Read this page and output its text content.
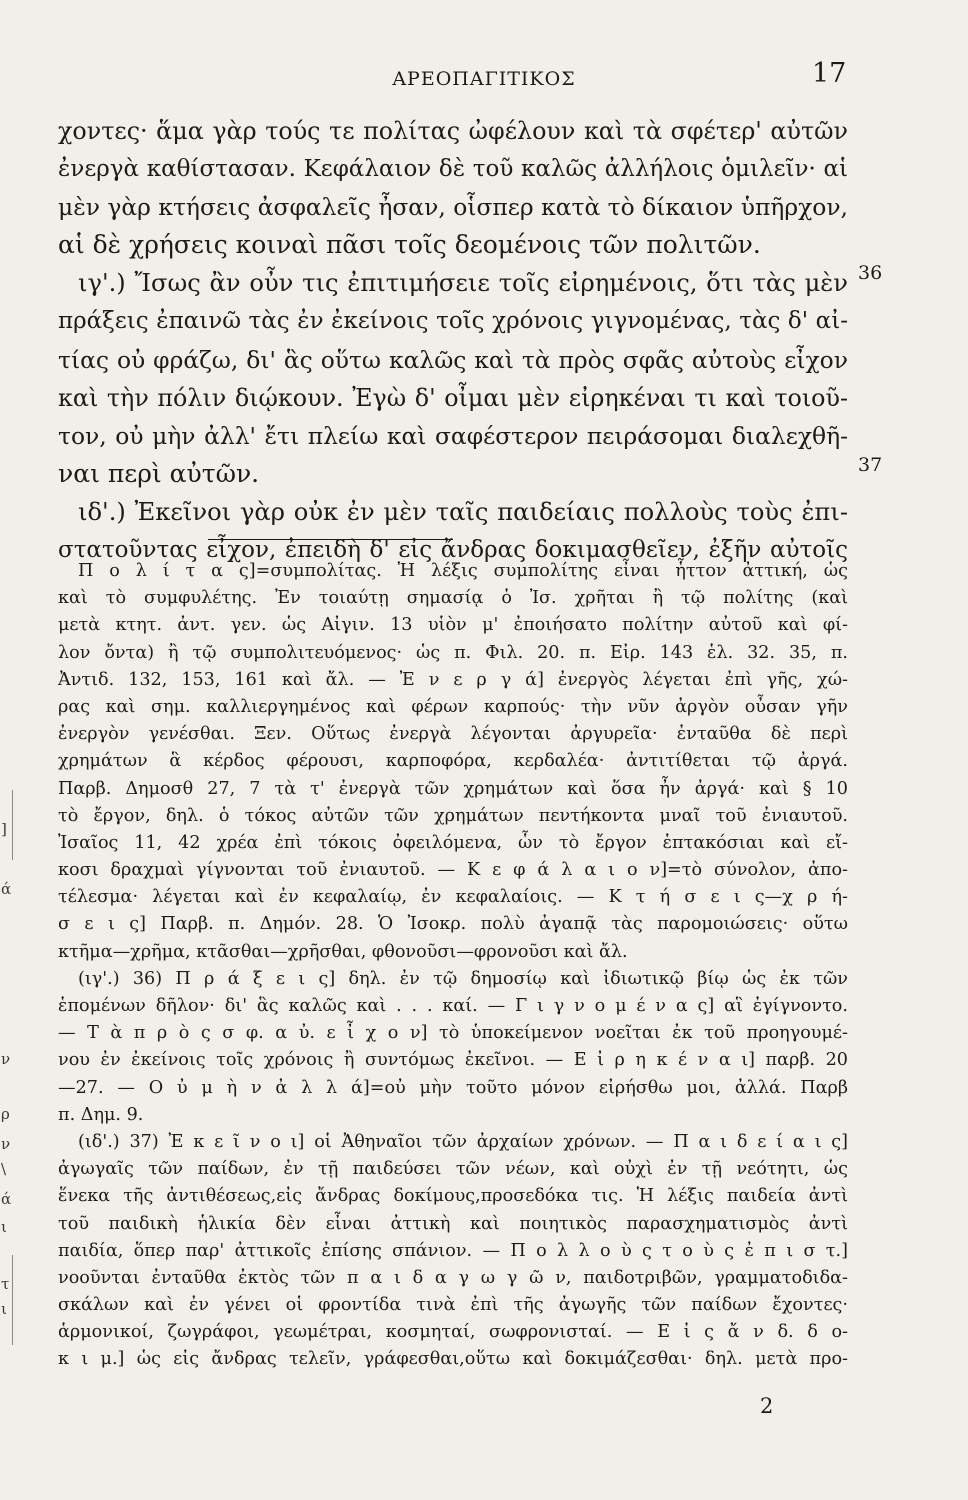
ΑΡΕΟΠΑΓΙΤΙΚΟΣ	17
χοντες· ἅμα γὰρ τούς τε πολίτας ὠφέλουν καὶ τὰ σφέτερ' αὐτῶν
ἐνεργὰ καθίστασαν. Κεφάλαιον δὲ τοῦ καλῶς ἀλλήλοις ὁμιλεῖν· αἱ
μὲν γὰρ κτήσεις ἀσφαλεῖς ἦσαν, οἷσπερ κατὰ τὸ δίκαιον ὑπῆρχον,
αἱ δὲ χρήσεις κοιναὶ πᾶσι τοῖς δεομένοις τῶν πολιτῶν.
ιγ'.) Ἴσως ἂν οὖν τις ἐπιτιμήσειε τοῖς εἰρημένοις, ὅτι τὰς μὲν
πράξεις ἐπαινῶ τὰς ἐν ἐκείνοις τοῖς χρόνοις γιγνομένας, τὰς δ' αἰ-
τίας οὐ φράζω, δι' ἃς οὕτω καλῶς καὶ τὰ πρὸς σφᾶς αὐτοὺς εἶχον
καὶ τὴν πόλιν διῴκουν. Ἐγὼ δ' οἶμαι μὲν εἰρηκέναι τι καὶ τοιοῦ-
τον, οὐ μὴν ἀλλ' ἔτι πλείω καὶ σαφέστερον πειράσομαι διαλεχθῆ-
ναι περὶ αὐτῶν.
ιδ'.) Ἐκεῖνοι γὰρ οὐκ ἐν μὲν ταῖς παιδείαις πολλοὺς τοὺς ἐπι-
στατοῦντας εἶχον, ἐπειδὴ δ' εἰς ἄνδρας δοκιμασθεῖεν, ἐξῆν αὐτοῖς
36
37
Π ο λ ί τ α ς]=συμπολίτας. Ἡ λέξις συμπολίτης εἶναι ἧττον ἀττική, ὡς
καὶ τὸ συμφυλέτης. Ἐν τοιαύτῃ σημασίᾳ ὁ Ἰσ. χρῆται ἢ τῷ πολίτης (καὶ
μετὰ κτητ. ἀντ. γεν. ὡς Αἰγιν. 13 υἱὸν μ' ἐποιήσατο πολίτην αὐτοῦ καὶ φί-
λον ὄντα) ἢ τῷ συμπολιτευόμενος· ὡς π. Φιλ. 20. π. Εἰρ. 143 ἑλ. 32. 35, π.
Ἀντιδ. 132, 153, 161 καὶ ἄλ. — Ἐ ν ε ρ γ ά] ἐνεργὸς λέγεται ἐπὶ γῆς, χώ-
ρας καὶ σημ. καλλιεργημένος καὶ φέρων καρπούς· τὴν νῦν ἀργὸν οὖσαν γῆν
ἐνεργὸν γενέσθαι. Ξεν. Οὕτως ἐνεργὰ λέγονται ἀργυρεῖα· ἐνταῦθα δὲ περὶ
χρημάτων ἃ κέρδος φέρουσι, καρποφόρα, κερδαλέα· ἀντιτίθεται τῷ ἀργά.
Παρβ. Δημοσθ 27, 7 τὰ τ' ἐνεργὰ τῶν χρημάτων καὶ ὅσα ἦν ἀργά· καὶ § 10
τὸ ἔργον, δηλ. ὁ τόκος αὐτῶν τῶν χρημάτων πεντήκοντα μναῖ τοῦ ἐνιαυτοῦ.
Ἰσαῖος 11, 42 χρέα ἐπὶ τόκοις ὀφειλόμενα, ὧν τὸ ἔργον ἑπτακόσιαι καὶ εἴ-
κοσι δραχμαὶ γίγνονται τοῦ ἐνιαυτοῦ. — Κ ε φ ά λ α ι ο ν]=τὸ σύνολον, ἀπο-
τέλεσμα· λέγεται καὶ ἐν κεφαλαίῳ, ἐν κεφαλαίοις. — Κ τ ή σ ε ι ς—χ ρ ή-
σ ε ι ς] Παρβ. π. Δημόν. 28. Ὁ Ἰσοκρ. πολὺ ἀγαπᾷ τὰς παρομοιώσεις· οὕτω
κτῆμα—χρῆμα, κτᾶσθαι—χρῆσθαι, φθονοῦσι—φρονοῦσι καὶ ἄλ.
(ιγ'.) 36) Π ρ ά ξ ε ι ς] δηλ. ἐν τῷ δημοσίῳ καὶ ἰδιωτικῷ βίῳ ὡς ἐκ τῶν
ἑπομένων δῆλον· δι' ἃς καλῶς καὶ . . . καί. — Γ ι γ ν ο μ έ ν α ς] αἳ ἐγίγνοντο.
— Τ ὰ π ρ ὸ ς σ φ. α ὐ. ε ἶ χ ο ν] τὸ ὑποκείμενον νοεῖται ἐκ τοῦ προηγουμέ-
νου ἐν ἐκείνοις τοῖς χρόνοις ἢ συντόμως ἐκεῖνοι. — Ε ἰ ρ η κ έ ν α ι] παρβ. 20
—27. — Ο ὐ μ ὴ ν ἀ λ λ ά]=οὐ μὴν τοῦτο μόνον εἰρήσθω μοι, ἀλλά. Παρβ
π. Δημ. 9.
(ιδ'.) 37) Ἐ κ ε ῖ ν ο ι] οἱ Ἀθηναῖοι τῶν ἀρχαίων χρόνων. — Π α ι δ ε ί α ι ς]
ἀγωγαῖς τῶν παίδων, ἐν τῇ παιδεύσει τῶν νέων, καὶ οὐχὶ ἐν τῇ νεότητι, ὡς
ἕνεκα τῆς ἀντιθέσεως,εἰς ἄνδρας δοκίμους,προσεδόκα τις. Ἡ λέξις παιδεία ἀντὶ
τοῦ παιδικὴ ἡλικία δὲν εἶναι ἀττικὴ καὶ ποιητικὸς παρασχηματισμὸς ἀντὶ
παιδία, ὅπερ παρ' ἀττικοῖς ἐπίσης σπάνιον. — Π ο λ λ ο ὺ ς τ ο ὺ ς ἐ π ι σ τ.]
νοοῦνται ἐνταῦθα ἐκτὸς τῶν π α ι δ α γ ω γ ῶ ν, παιδοτριβῶν, γραμματοδιδα-
σκάλων καὶ ἐν γένει οἱ φροντίδα τινὰ ἐπὶ τῆς ἀγωγῆς τῶν παίδων ἔχοντες·
ἁρμονικοί, ζωγράφοι, γεωμέτραι, κοσμηταί, σωφρονισταί. — Ε ἰ ς ἄ ν δ. δ ο-
κ ι μ.] ὡς εἰς ἄνδρας τελεῖν, γράφεσθαι,οὕτω καὶ δοκιμάζεσθαι· δηλ. μετὰ προ-
2
]
ά
ν
ρ
ν
\
ά
ι
τ
ι
